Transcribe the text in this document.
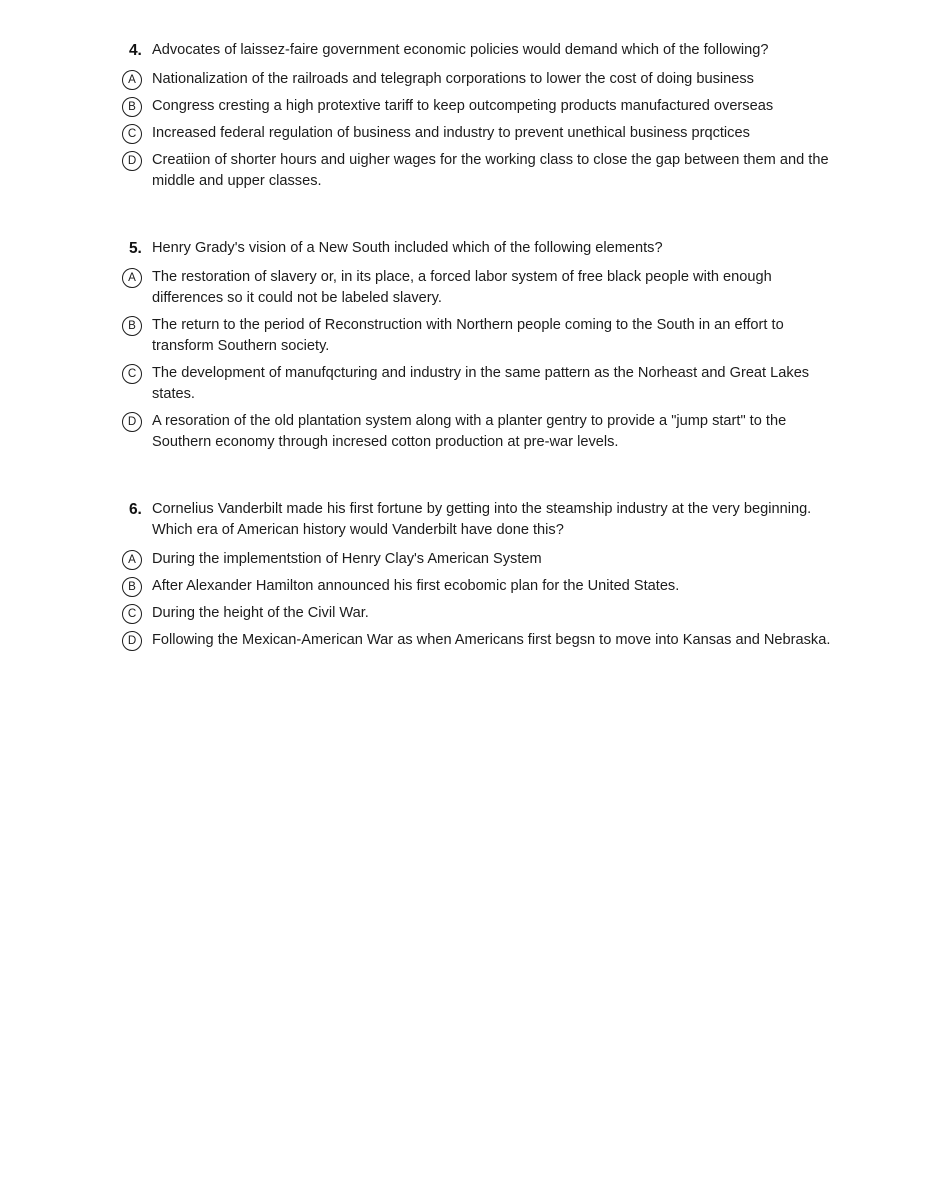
4. Advocates of laissez-faire government economic policies would demand which of the following?
A	Nationalization of the railroads and telegraph corporations to lower the cost of doing business
B	Congress cresting a high protextive tariff to keep outcompeting products manufactured overseas
C	Increased federal regulation of business and industry to prevent unethical business prqctices
D	Creatiion of shorter hours and uigher wages for the working class to close the gap between them and the middle and upper classes.
5. Henry Grady's vision of a New South included which of the following elements?
A	The restoration of slavery or, in its place, a forced labor system of free black people with enough differences so it could not be labeled slavery.
B	The return to the period of Reconstruction with Northern people coming to the South in an effort to transform Southern society.
C	The development of manufqcturing and industry in the same pattern as the Norheast and Great Lakes states.
D	A resoration of the old plantation system along with a planter gentry to provide a "jump start" to the Southern economy through incresed cotton production at pre-war levels.
6. Cornelius Vanderbilt made his first fortune by getting into the steamship industry at the very beginning. Which era of American history would Vanderbilt have done this?
A	During the implementstion of Henry Clay's American System
B	After Alexander Hamilton announced his first ecobomic plan for the United States.
C	During the height of the Civil War.
D	Following the Mexican-American War as when Americans first begsn to move into Kansas and Nebraska.
